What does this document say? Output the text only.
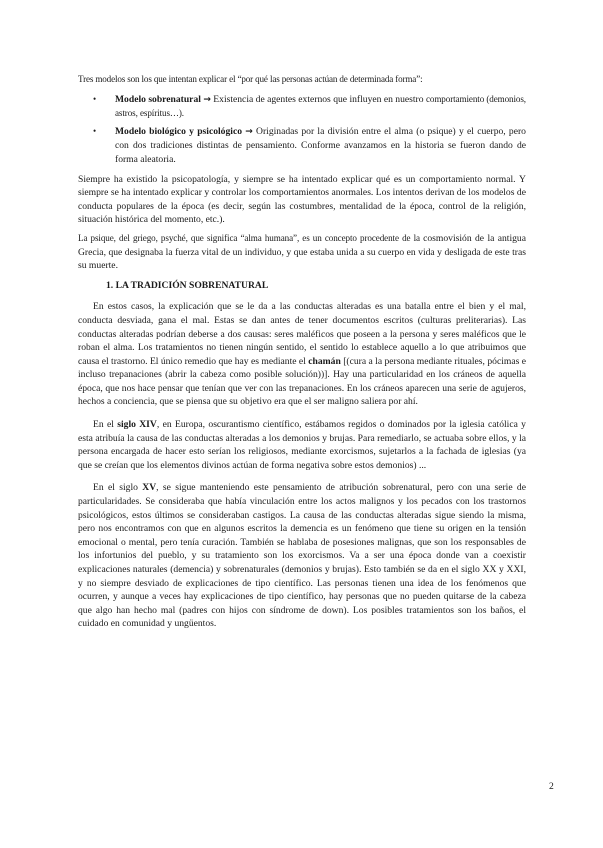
Tres modelos son los que intentan explicar el “por qué las personas actúan de determinada forma”:

• Modelo sobrenatural → Existencia de agentes externos que influyen en nuestro comportamiento (demonios, astros, espíritus…).
• Modelo biológico y psicológico → Originadas por la división entre el alma (o psique) y el cuerpo, pero con dos tradiciones distintas de pensamiento. Conforme avanzamos en la historia se fueron dando de forma aleatoria.

Siempre ha existido la psicopatología, y siempre se ha intentado explicar qué es un comportamiento normal. Y siempre se ha intentado explicar y controlar los comportamientos anormales. Los intentos derivan de los modelos de conducta populares de la época (es decir, según las costumbres, mentalidad de la época, control de la religión, situación histórica del momento, etc.).

La psique, del griego, psyché, que significa “alma humana”, es un concepto procedente de la cosmovisión de la antigua Grecia, que designaba la fuerza vital de un individuo, y que estaba unida a su cuerpo en vida y desligada de este tras su muerte.

1. LA TRADICIÓN SOBRENATURAL

En estos casos, la explicación que se le da a las conductas alteradas es una batalla entre el bien y el mal, conducta desviada, gana el mal. Estas se dan antes de tener documentos escritos (culturas preliterarias). Las conductas alteradas podrían deberse a dos causas: seres maléficos que poseen a la persona y seres maléficos que le roban el alma. Los tratamientos no tienen ningún sentido, el sentido lo establece aquello a lo que atribuimos que causa el trastorno. El único remedio que hay es mediante el chamán [(cura a la persona mediante rituales, pócimas e incluso trepanaciones (abrir la cabeza como posible solución))]. Hay una particularidad en los cráneos de aquella época, que nos hace pensar que tenían que ver con las trepanaciones. En los cráneos aparecen una serie de agujeros, hechos a conciencia, que se piensa que su objetivo era que el ser maligno saliera por ahí.

En el siglo XIV, en Europa, oscurantismo científico, estábamos regidos o dominados por la iglesia católica y esta atribuía la causa de las conductas alteradas a los demonios y brujas. Para remediarlo, se actuaba sobre ellos, y la persona encargada de hacer esto serían los religiosos, mediante exorcismos, sujetarlos a la fachada de iglesias (ya que se creían que los elementos divinos actúan de forma negativa sobre estos demonios) ...

En el siglo XV, se sigue manteniendo este pensamiento de atribución sobrenatural, pero con una serie de particularidades. Se consideraba que había vinculación entre los actos malignos y los pecados con los trastornos psicológicos, estos últimos se consideraban castigos. La causa de las conductas alteradas sigue siendo la misma, pero nos encontramos con que en algunos escritos la demencia es un fenómeno que tiene su origen en la tensión emocional o mental, pero tenía curación. También se hablaba de posesiones malignas, que son los responsables de los infortunios del pueblo, y su tratamiento son los exorcismos. Va a ser una época donde van a coexistir explicaciones naturales (demencia) y sobrenaturales (demonios y brujas). Esto también se da en el siglo XX y XXI, y no siempre desviado de explicaciones de tipo científico. Las personas tienen una idea de los fenómenos que ocurren, y aunque a veces hay explicaciones de tipo científico, hay personas que no pueden quitarse de la cabeza que algo han hecho mal (padres con hijos con síndrome de down). Los posibles tratamientos son los baños, el cuidado en comunidad y ungüentos.

2
